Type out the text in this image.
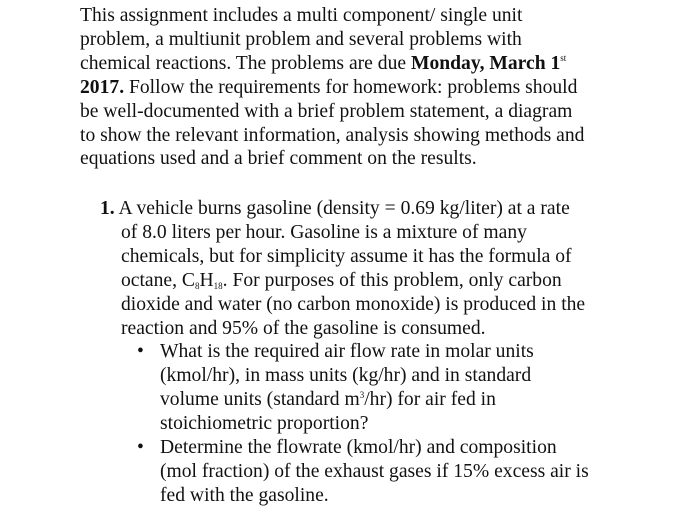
This assignment includes a multi component/ single unit
problem, a multiunit problem and several problems with
chemical reactions. The problems are due Monday, March 1st
2017. Follow the requirements for homework: problems should
be well-documented with a brief problem statement, a diagram
to show the relevant information, analysis showing methods and
equations used and a brief comment on the results.
1. A vehicle burns gasoline (density = 0.69 kg/liter) at a rate
of 8.0 liters per hour. Gasoline is a mixture of many
chemicals, but for simplicity assume it has the formula of
octane, $C_8H_{18}$. For purposes of this problem, only carbon
dioxide and water (no carbon monoxide) is produced in the
reaction and 95% of the gasoline is consumed.
• What is the required air flow rate in molar units
(kmol/hr), in mass units (kg/hr) and in standard
volume units (standard $m^3/hr$) for air fed in
stoichiometric proportion?
• Determine the flowrate (kmol/hr) and composition
(mol fraction) of the exhaust gases if 15% excess air is
fed with the gasoline.
